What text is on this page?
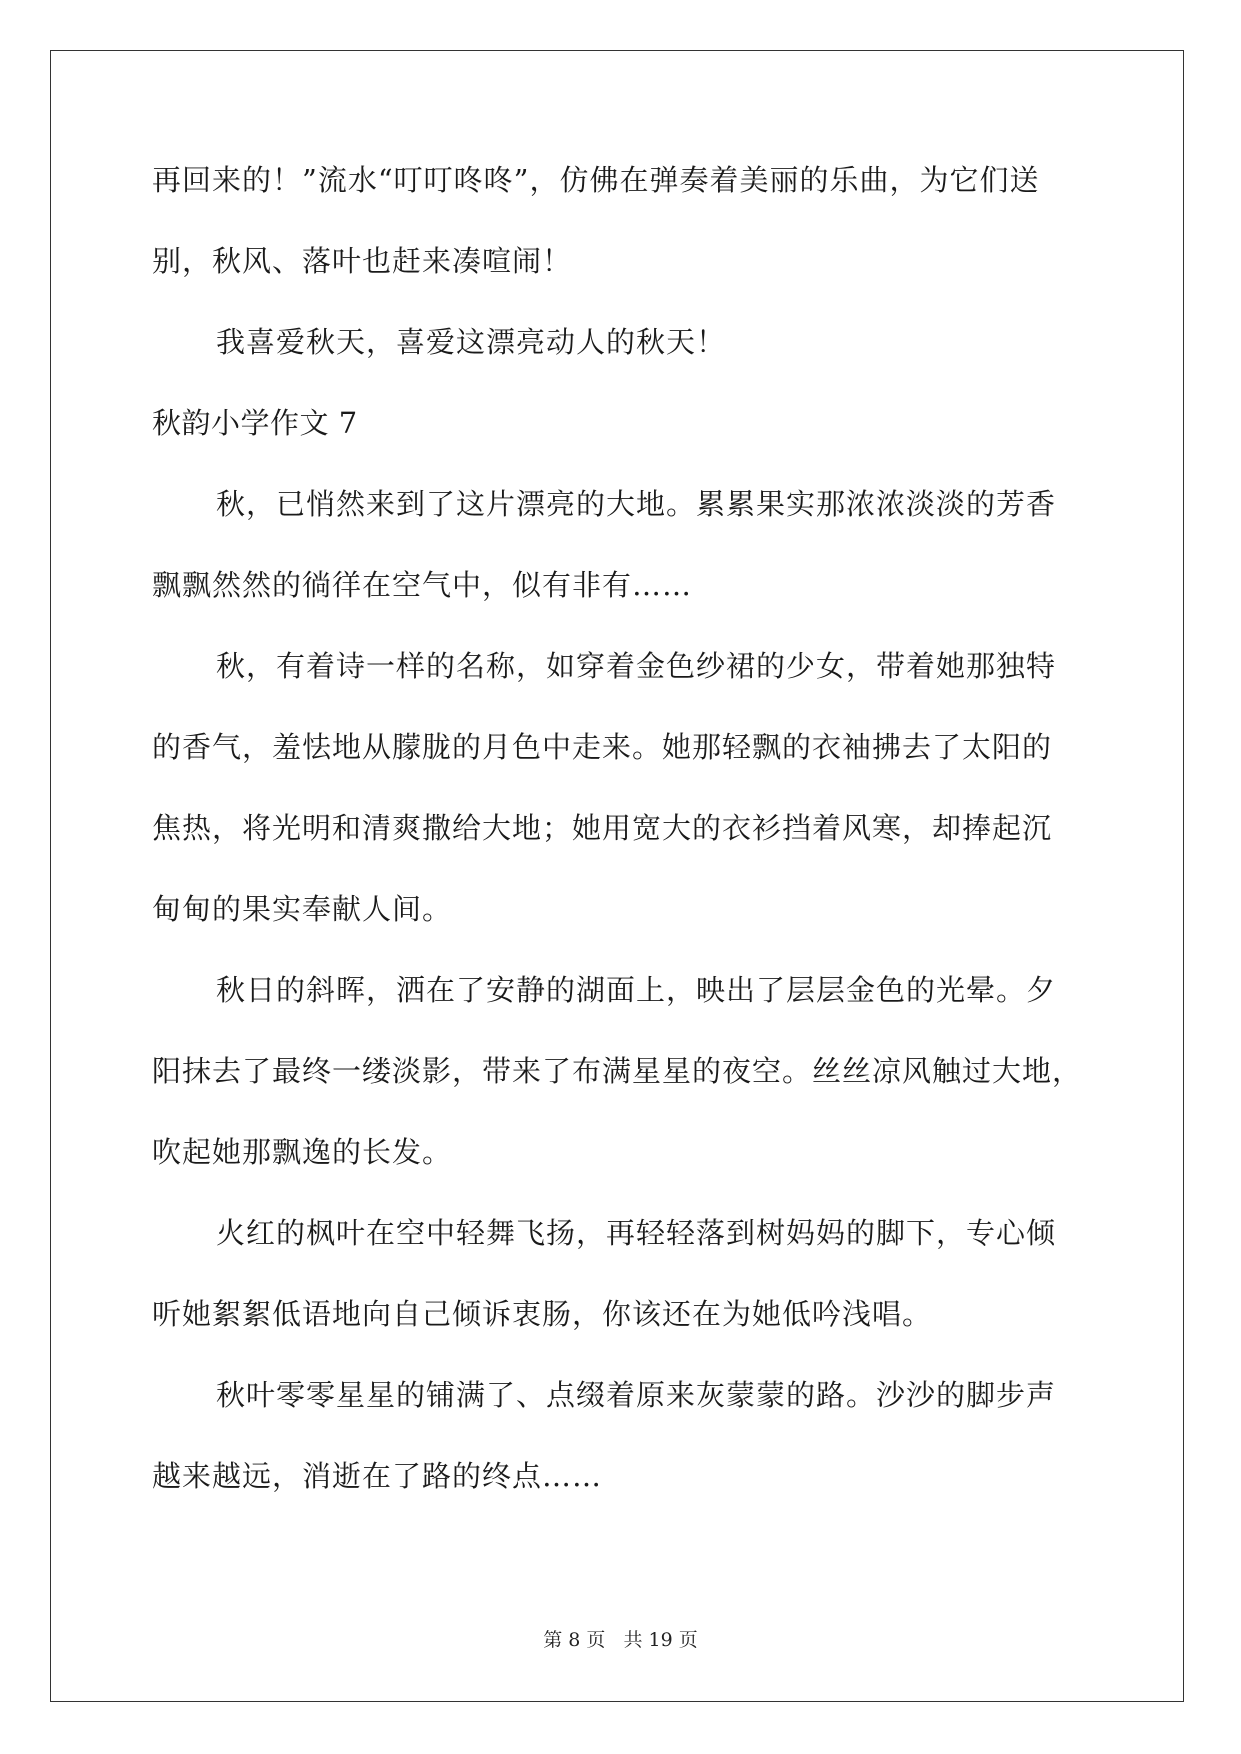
再回来的！”流水“叮叮咚咚”，仿佛在弹奏着美丽的乐曲，为它们送
别，秋风、落叶也赶来凑喧闹！
我喜爱秋天，喜爱这漂亮动人的秋天！
秋韵小学作文 7
秋，已悄然来到了这片漂亮的大地。累累果实那浓浓淡淡的芳香
飘飘然然的徜徉在空气中，似有非有……
秋，有着诗一样的名称，如穿着金色纱裙的少女，带着她那独特
的香气，羞怯地从朦胧的月色中走来。她那轻飘的衣袖拂去了太阳的
焦热，将光明和清爽撒给大地；她用宽大的衣衫挡着风寒，却捧起沉
甸甸的果实奉献人间。
秋日的斜晖，洒在了安静的湖面上，映出了层层金色的光晕。夕
阳抹去了最终一缕淡影，带来了布满星星的夜空。丝丝凉风触过大地，
吹起她那飘逸的长发。
火红的枫叶在空中轻舞飞扬，再轻轻落到树妈妈的脚下，专心倾
听她絮絮低语地向自己倾诉衷肠，你该还在为她低吟浅唱。
秋叶零零星星的铺满了、点缀着原来灰蒙蒙的路。沙沙的脚步声
越来越远，消逝在了路的终点……
第 8 页 共 19 页
